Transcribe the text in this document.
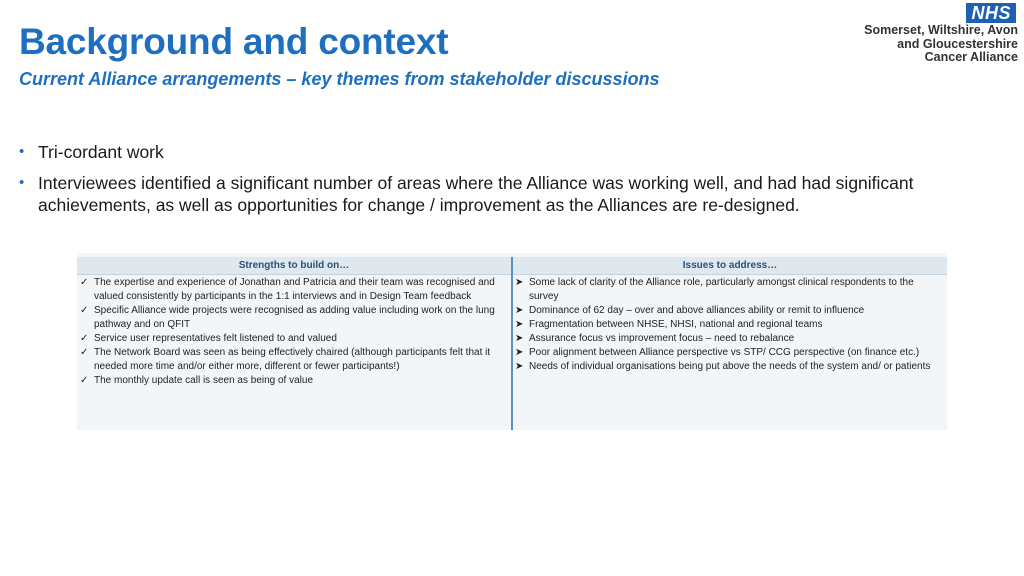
Background and context
Current Alliance arrangements – key themes from stakeholder discussions
NHS
Somerset, Wiltshire, Avon
and Gloucestershire
Cancer Alliance
• Tri-cordant work
• Interviewees identified a significant number of areas where the Alliance was working well, and had had significant achievements, as well as opportunities for change / improvement as the Alliances are re-designed.
Strengths to build on…	Issues to address…
✓ The expertise and experience of Jonathan and Patricia and their team was recognised and valued consistently by participants in the 1:1 interviews and in Design Team feedback
✓ Specific Alliance wide projects were recognised as adding value including work on the lung pathway and on QFIT
✓ Service user representatives felt listened to and valued
✓ The Network Board was seen as being effectively chaired (although participants felt that it needed more time and/or either more, different or fewer participants!)
✓ The monthly update call is seen as being of value
➤ Some lack of clarity of the Alliance role, particularly amongst clinical respondents to the survey
➤ Dominance of 62 day – over and above alliances ability or remit to influence
➤ Fragmentation between NHSE, NHSI, national and regional teams
➤ Assurance focus vs improvement focus – need to rebalance
➤ Poor alignment between Alliance perspective vs STP/ CCG perspective (on finance etc.)
➤ Needs of individual organisations being put above the needs of the system and/ or patients
